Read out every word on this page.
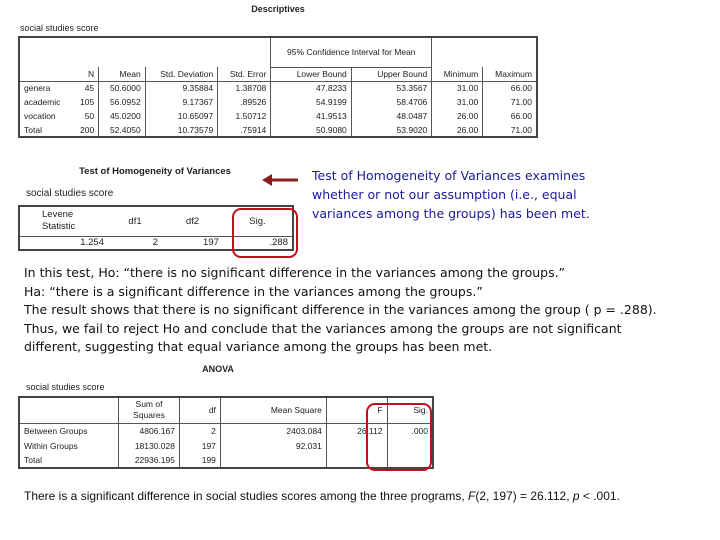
Descriptives
social studies score
					95% Confidence Interval for Mean			
	N	Mean	Std. Deviation	Std. Error	Lower Bound	Upper Bound	Minimum	Maximum
genera	45	50.6000	9.35884	1.38708	47.8233	53.3567	31.00	66.00
academic	105	56.0952	9.17367	.89526	54.9199	58.4706	31.00	71.00
vocation	50	45.0200	10.65097	1.50712	41.9513	48.0487	26.00	66.00
Total	200	52.4050	10.73579	.75914	50.9080	53.9020	26.00	71.00
Test of Homogeneity of Variances
social studies score
Levene Statistic	df1	df2	Sig.
1.254	2	197	.288
Test of Homogeneity of Variances examines
whether or not our assumption (i.e., equal
variances among the groups) has been met.
In this test, Ho: “there is no significant difference in the variances among the groups.”
Ha: “there is a significant difference in the variances among the groups.”
The result shows that there is no significant difference in the variances among the group ( p = .288).
Thus, we fail to reject Ho and conclude that the variances among the groups are not significant
different, suggesting that equal variance among the groups has been met.
ANOVA
social studies score
	Sum of Squares	df	Mean Square	F	Sig.
Between Groups	4806.167	2	2403.084	26.112	.000
Within Groups	18130.028	197	92.031		
Total	22936.195	199			
There is a significant difference in social studies scores among the three programs, F(2, 197) = 26.112, p < .001.
